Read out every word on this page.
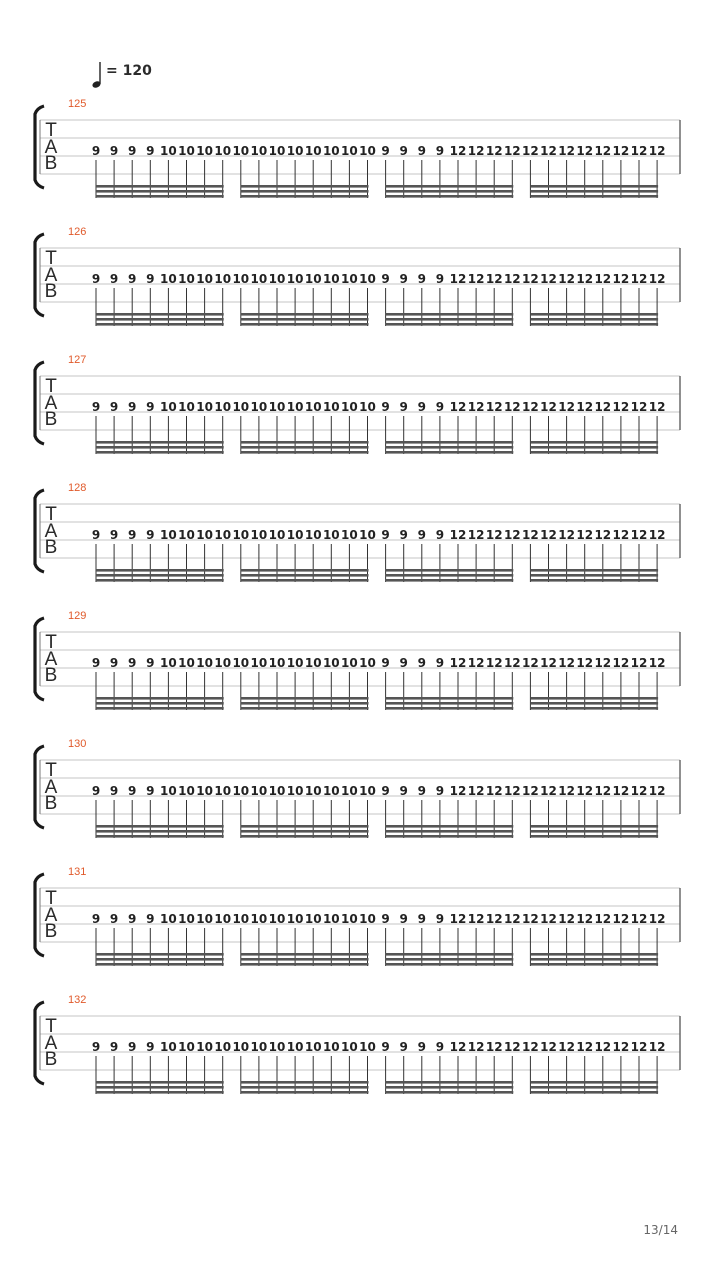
= 120
125
T
A
B
9 9 9 9 10 10 10 10 10 10 10 10 10 10 10 10 9 9 9 9 12 12 12 12 12 12 12 12 12 12 12 12
126
T
A
B
9 9 9 9 10 10 10 10 10 10 10 10 10 10 10 10 9 9 9 9 12 12 12 12 12 12 12 12 12 12 12 12
127
T
A
B
9 9 9 9 10 10 10 10 10 10 10 10 10 10 10 10 9 9 9 9 12 12 12 12 12 12 12 12 12 12 12 12
128
T
A
B
9 9 9 9 10 10 10 10 10 10 10 10 10 10 10 10 9 9 9 9 12 12 12 12 12 12 12 12 12 12 12 12
129
T
A
B
9 9 9 9 10 10 10 10 10 10 10 10 10 10 10 10 9 9 9 9 12 12 12 12 12 12 12 12 12 12 12 12
130
T
A
B
9 9 9 9 10 10 10 10 10 10 10 10 10 10 10 10 9 9 9 9 12 12 12 12 12 12 12 12 12 12 12 12
131
T
A
B
9 9 9 9 10 10 10 10 10 10 10 10 10 10 10 10 9 9 9 9 12 12 12 12 12 12 12 12 12 12 12 12
132
T
A
B
9 9 9 9 10 10 10 10 10 10 10 10 10 10 10 10 9 9 9 9 12 12 12 12 12 12 12 12 12 12 12 12
13/14
